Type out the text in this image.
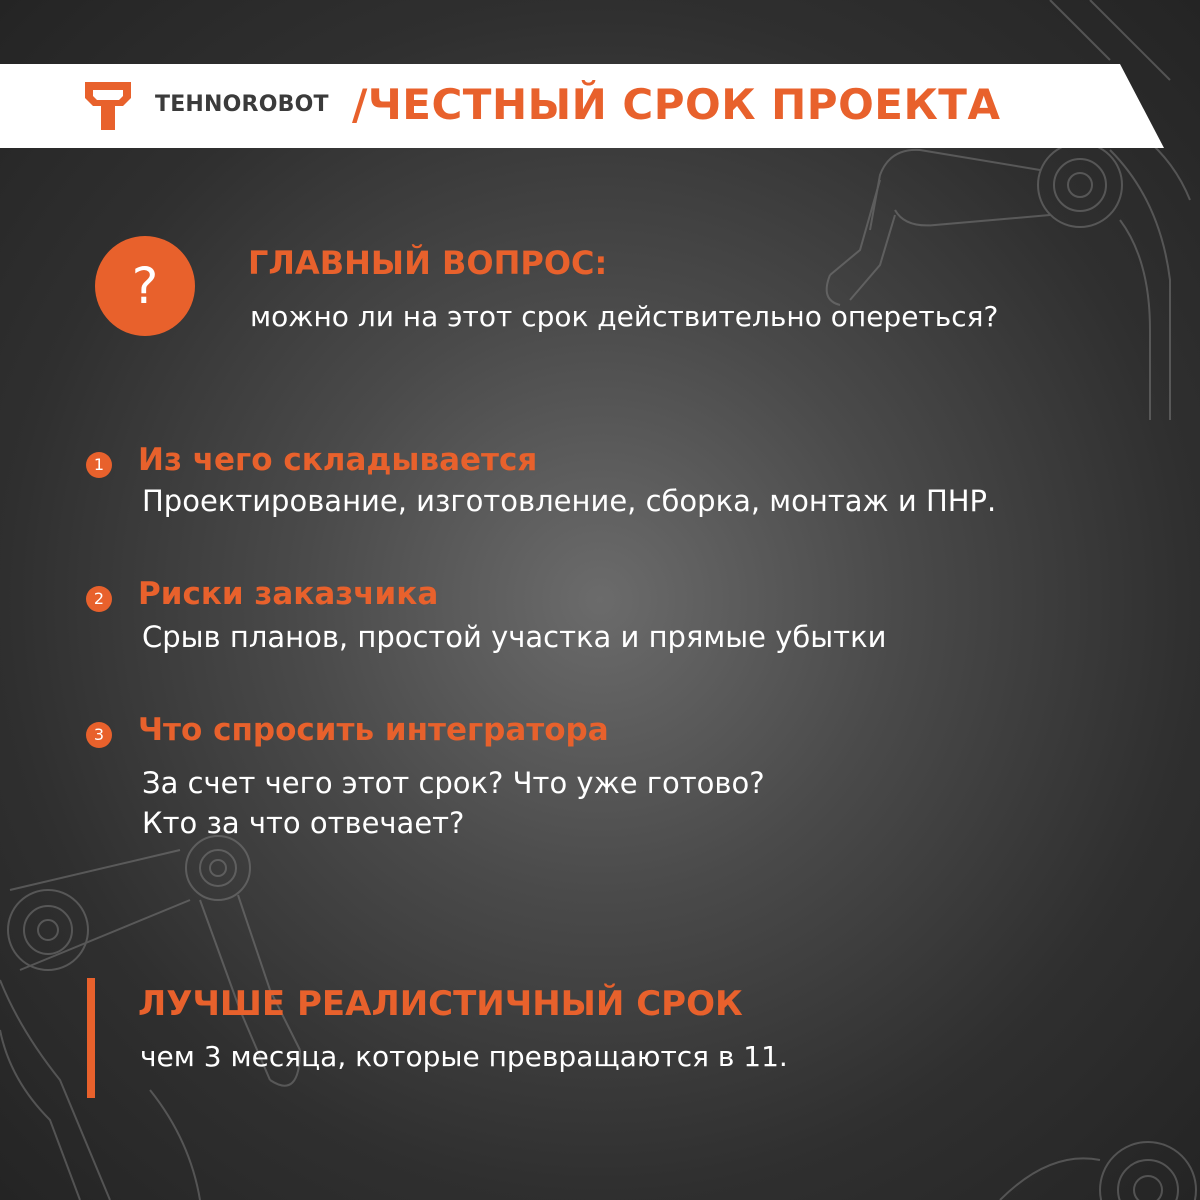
TEHNOROBOT /ЧЕСТНЫЙ СРОК ПРОЕКТА
?	ГЛАВНЫЙ ВОПРОС:
можно ли на этот срок действительно опереться?
1 Из чего складывается
Проектирование, изготовление, сборка, монтаж и ПНР.
2 Риски заказчика
Срыв планов, простой участка и прямые убытки
3 Что спросить интегратора
За счет чего этот срок? Что уже готово?
Кто за что отвечает?
ЛУЧШЕ РЕАЛИСТИЧНЫЙ СРОК
чем 3 месяца, которые превращаются в 11.
